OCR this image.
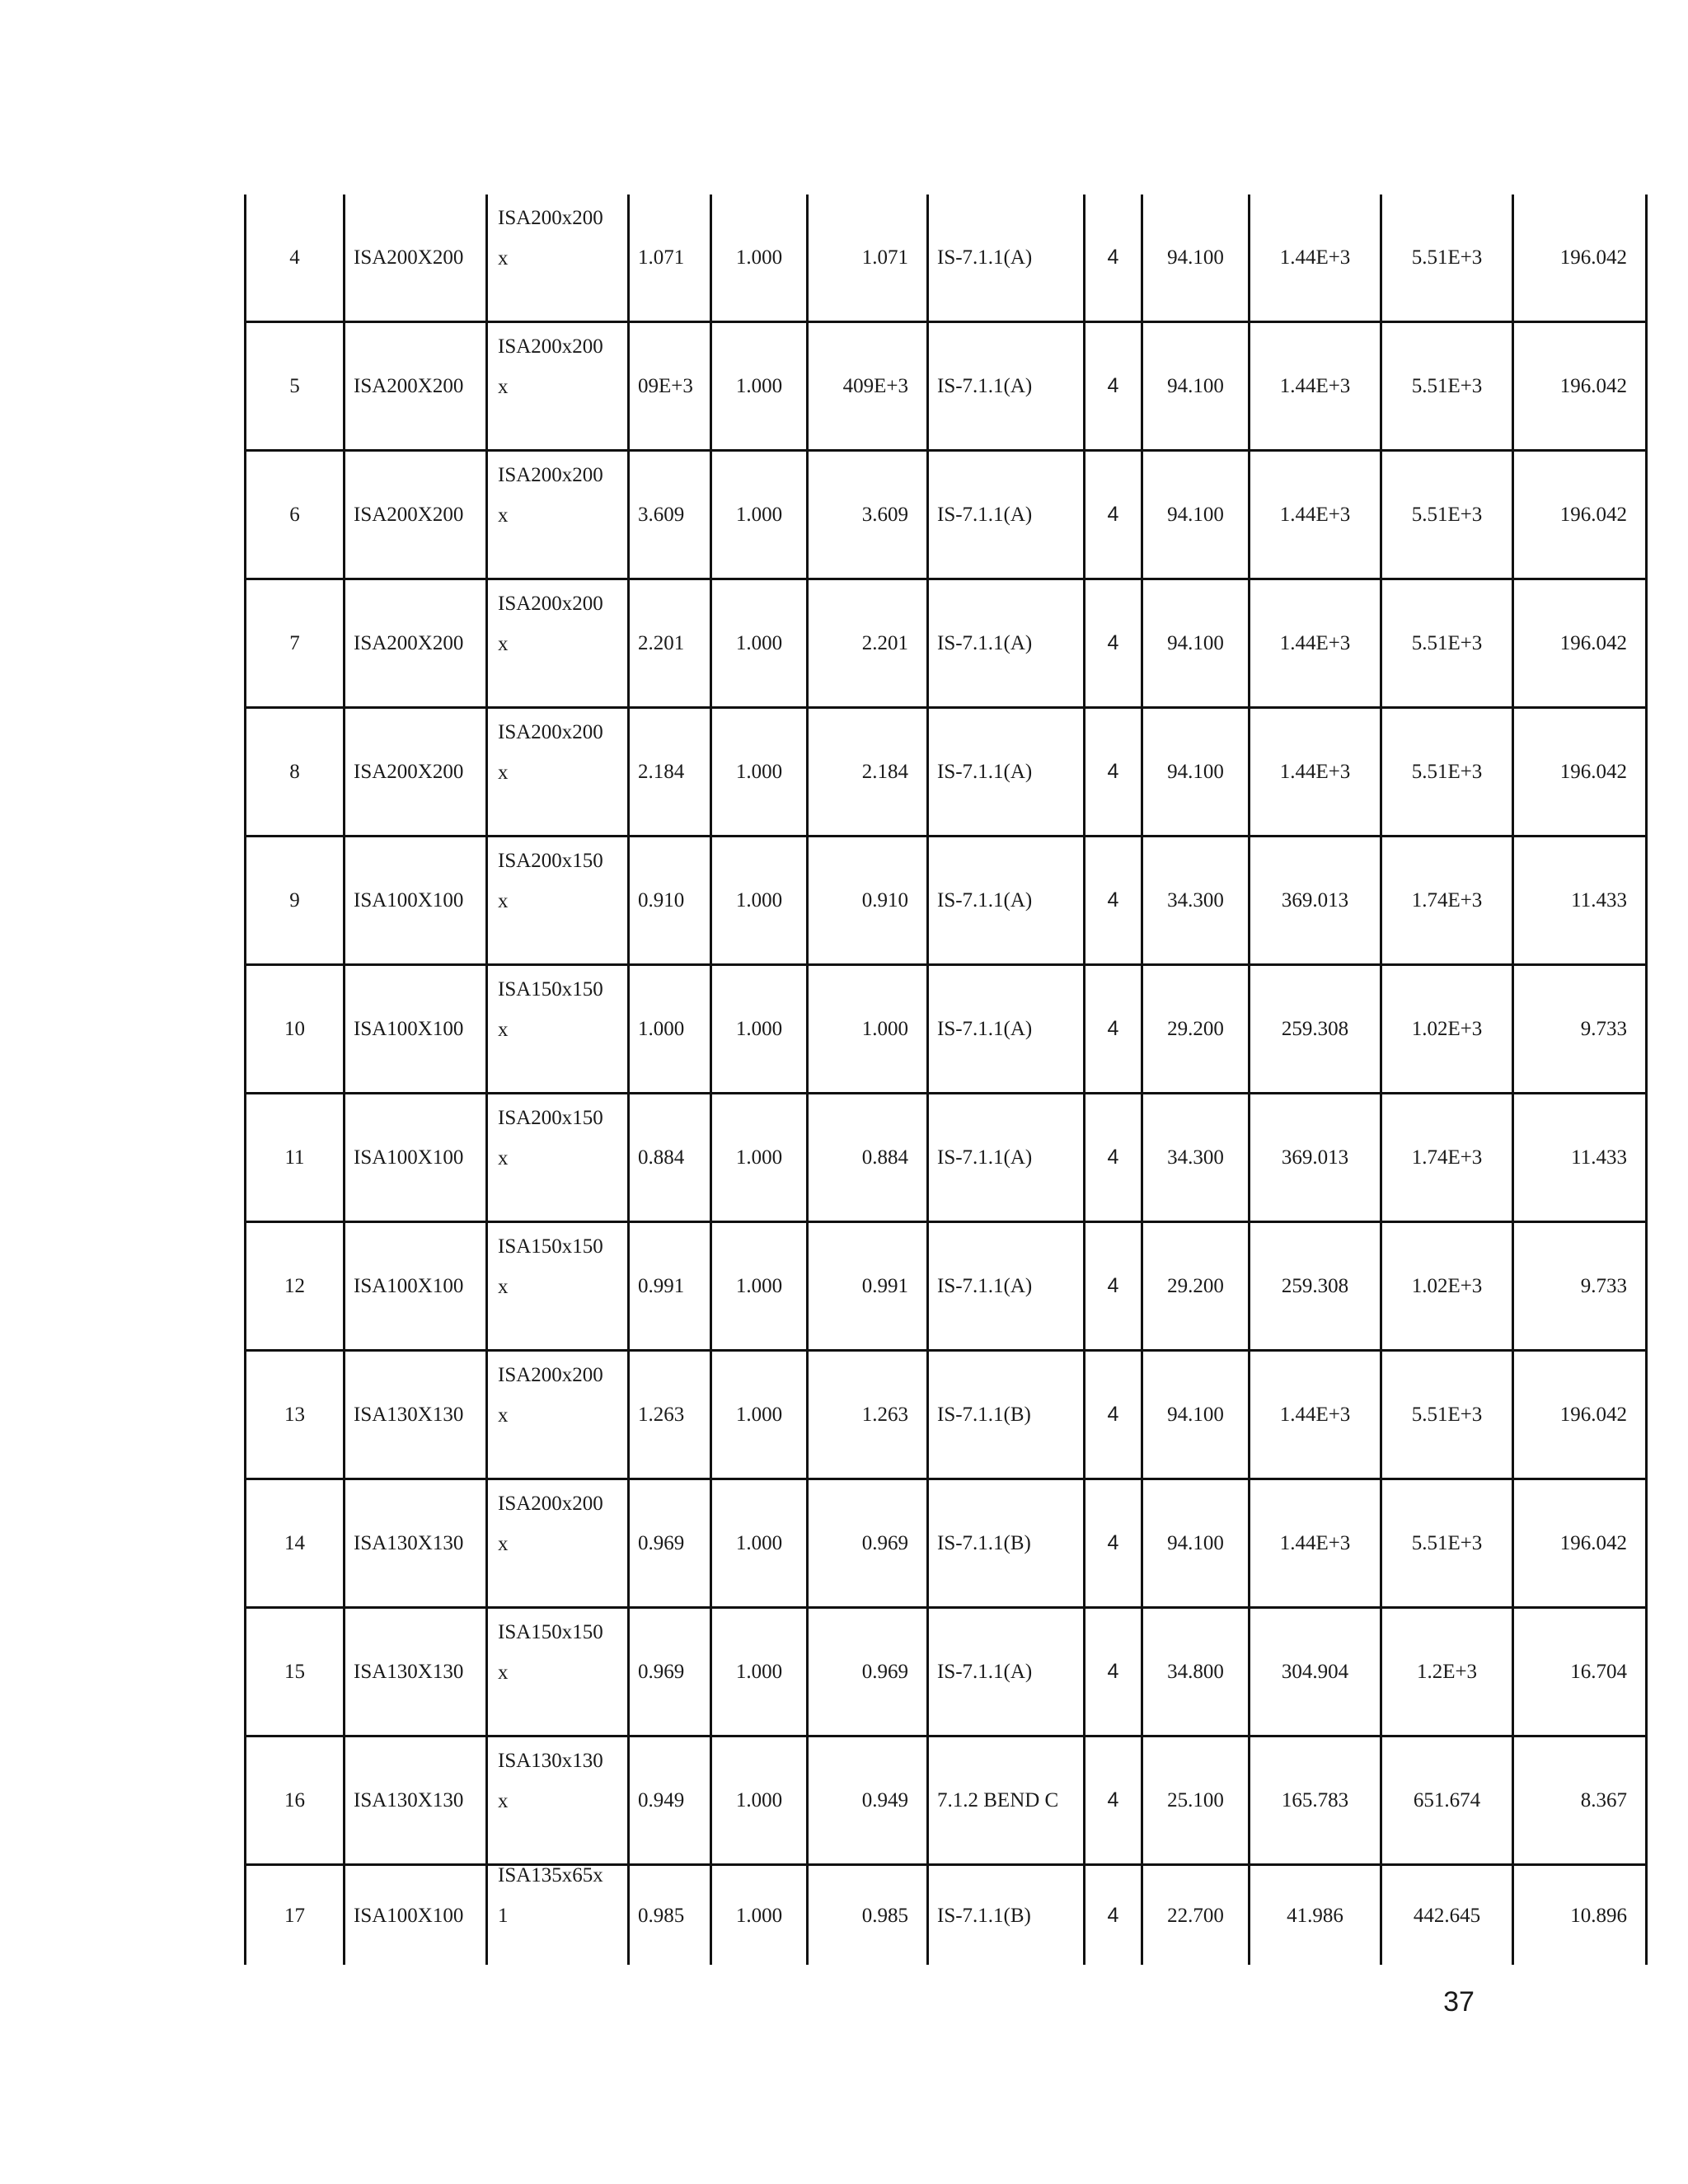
4	ISA200X200	ISA200x200
x	1.071	1.000	1.071	IS-7.1.1(A)	4	94.100	1.44E+3	5.51E+3	196.042
5	ISA200X200	ISA200x200
x	09E+3	1.000	409E+3	IS-7.1.1(A)	4	94.100	1.44E+3	5.51E+3	196.042
6	ISA200X200	ISA200x200
x	3.609	1.000	3.609	IS-7.1.1(A)	4	94.100	1.44E+3	5.51E+3	196.042
7	ISA200X200	ISA200x200
x	2.201	1.000	2.201	IS-7.1.1(A)	4	94.100	1.44E+3	5.51E+3	196.042
8	ISA200X200	ISA200x200
x	2.184	1.000	2.184	IS-7.1.1(A)	4	94.100	1.44E+3	5.51E+3	196.042
9	ISA100X100	ISA200x150
x	0.910	1.000	0.910	IS-7.1.1(A)	4	34.300	369.013	1.74E+3	11.433
10	ISA100X100	ISA150x150
x	1.000	1.000	1.000	IS-7.1.1(A)	4	29.200	259.308	1.02E+3	9.733
11	ISA100X100	ISA200x150
x	0.884	1.000	0.884	IS-7.1.1(A)	4	34.300	369.013	1.74E+3	11.433
12	ISA100X100	ISA150x150
x	0.991	1.000	0.991	IS-7.1.1(A)	4	29.200	259.308	1.02E+3	9.733
13	ISA130X130	ISA200x200
x	1.263	1.000	1.263	IS-7.1.1(B)	4	94.100	1.44E+3	5.51E+3	196.042
14	ISA130X130	ISA200x200
x	0.969	1.000	0.969	IS-7.1.1(B)	4	94.100	1.44E+3	5.51E+3	196.042
15	ISA130X130	ISA150x150
x	0.969	1.000	0.969	IS-7.1.1(A)	4	34.800	304.904	1.2E+3	16.704
16	ISA130X130	ISA130x130
x	0.949	1.000	0.949	7.1.2 BEND C	4	25.100	165.783	651.674	8.367
17	ISA100X100	ISA135x65x
1	0.985	1.000	0.985	IS-7.1.1(B)	4	22.700	41.986	442.645	10.896
37
